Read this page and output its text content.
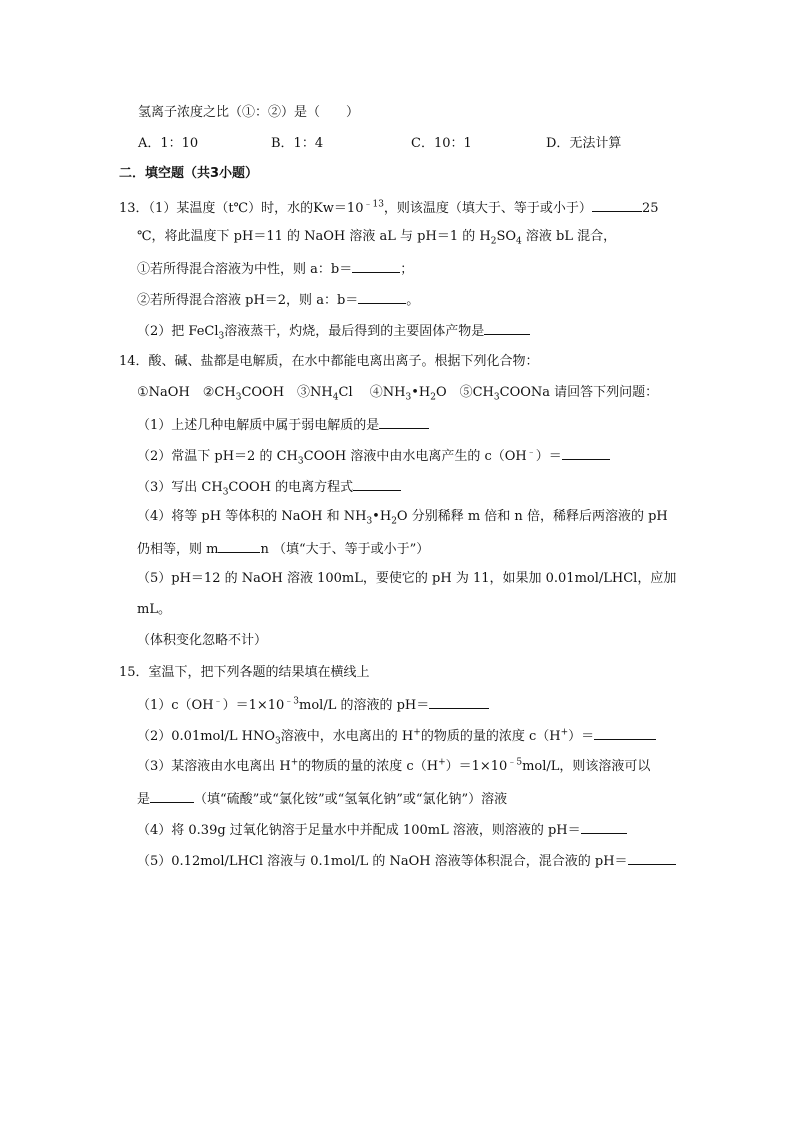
氢离子浓度之比（①：②）是（　　）
A．1：10	B．1：4	C．10：1	D．无法计算
二．填空题（共3小题）
13．（1）某温度（t℃）时，水的$Kw=10^{﹣13}$，则该温度（填大于、等于或小于）	25
℃，将此温度下 pH＝11 的 NaOH 溶液 aL 与 pH＝1 的 $H_2SO_4$ 溶液 bL 混合，
①若所得混合溶液为中性，则 a：b＝	；
②若所得混合溶液 pH＝2，则 a：b＝	。
（2）把 FeCl$_3$溶液蒸干，灼烧，最后得到的主要固体产物是
14．酸、碱、盐都是电解质，在水中都能电离出离子。根据下列化合物：
①NaOH　$②CH_3COOH$　$③NH_4Cl$　 $④NH_3•H_2O$　$⑤CH_3COONa$ 请回答下列问题：
（1）上述几种电解质中属于弱电解质的是
（2）常温下 pH＝2 的 $CH_3COOH$ 溶液中由水电离产生的 c（OH﹣）＝
（3）写出 $CH_3COOH$ 的电离方程式
（4）将等 pH 等体积的 NaOH 和 $NH_3•H_2O$ 分别稀释 m 倍和 n 倍，稀释后两溶液的 pH
仍相等，则 m	n （填“大于、等于或小于”）
（5）pH＝12 的 NaOH 溶液 100mL，要使它的 pH 为 11，如果加 0.01mol/LHCl，应加
mL。
（体积变化忽略不计）
15．室温下，把下列各题的结果填在横线上
$(1)c(OH^﹣)=1\times 10^{﹣3}mol/L$ 的溶液的 pH＝
（2）0.01mol/L $HNO_3$溶液中，水电离出的 H+的物质的量的浓度 c（H+）＝
（3）某溶液由水电离出 H+的物质的量的浓度 $c(H^+)=1\times 10^{﹣5}mol/L$，则该溶液可以
是	（填“硫酸”或“氯化铵”或“氢氧化钠”或“氯化钠”）溶液
（4）将 0.39g 过氧化钠溶于足量水中并配成 100mL 溶液，则溶液的 pH＝
（5）0.12mol/LHCl 溶液与 0.1mol/L 的 NaOH 溶液等体积混合，混合液的 pH＝
